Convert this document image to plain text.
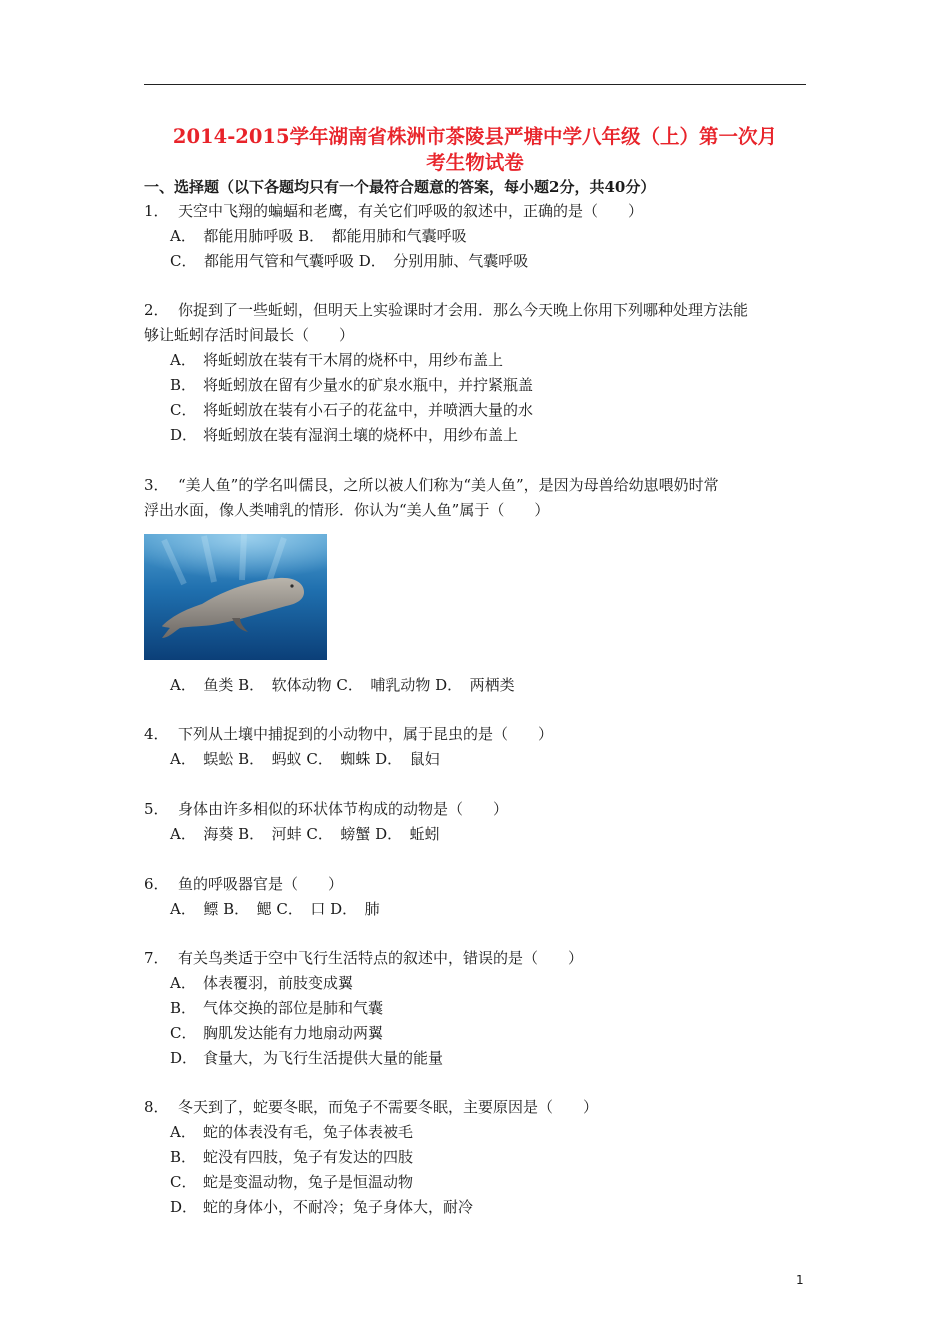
2014-2015学年湖南省株洲市茶陵县严塘中学八年级（上）第一次月
考生物试卷
一、选择题（以下各题均只有一个最符合题意的答案，每小题2分，共40分）
1． 天空中飞翔的蝙蝠和老鹰，有关它们呼吸的叙述中，正确的是（　　）
A．　都能用肺呼吸 B．　都能用肺和气囊呼吸
C．　都能用气管和气囊呼吸 D．　分别用肺、气囊呼吸
2． 你捉到了一些蚯蚓，但明天上实验课时才会用．那么今天晚上你用下列哪种处理方法能
够让蚯蚓存活时间最长（　　）
A． 将蚯蚓放在装有干木屑的烧杯中，用纱布盖上
B． 将蚯蚓放在留有少量水的矿泉水瓶中，并拧紧瓶盖
C． 将蚯蚓放在装有小石子的花盆中，并喷洒大量的水
D． 将蚯蚓放在装有湿润土壤的烧杯中，用纱布盖上
3． “美人鱼”的学名叫儒艮，之所以被人们称为“美人鱼”，是因为母兽给幼崽喂奶时常
浮出水面，像人类哺乳的情形．你认为“美人鱼”属于（　　）
A．　鱼类 B．　软体动物 C．　哺乳动物 D．　两栖类
4． 下列从土壤中捕捉到的小动物中，属于昆虫的是（　　）
A．　蜈蚣 B．　蚂蚁 C．　蜘蛛 D．　鼠妇
5． 身体由许多相似的环状体节构成的动物是（　　）
A．　海葵 B．　河蚌 C．　螃蟹 D．　蚯蚓
6． 鱼的呼吸器官是（　　）
A．　鳔 B．　鳃 C．　口 D．　肺
7． 有关鸟类适于空中飞行生活特点的叙述中，错误的是（　　）
A． 体表覆羽，前肢变成翼
B． 气体交换的部位是肺和气囊
C． 胸肌发达能有力地扇动两翼
D． 食量大，为飞行生活提供大量的能量
8． 冬天到了，蛇要冬眠，而兔子不需要冬眠，主要原因是（　　）
A． 蛇的体表没有毛，兔子体表被毛
B． 蛇没有四肢，兔子有发达的四肢
C． 蛇是变温动物，兔子是恒温动物
D． 蛇的身体小，不耐冷；兔子身体大，耐冷
1
